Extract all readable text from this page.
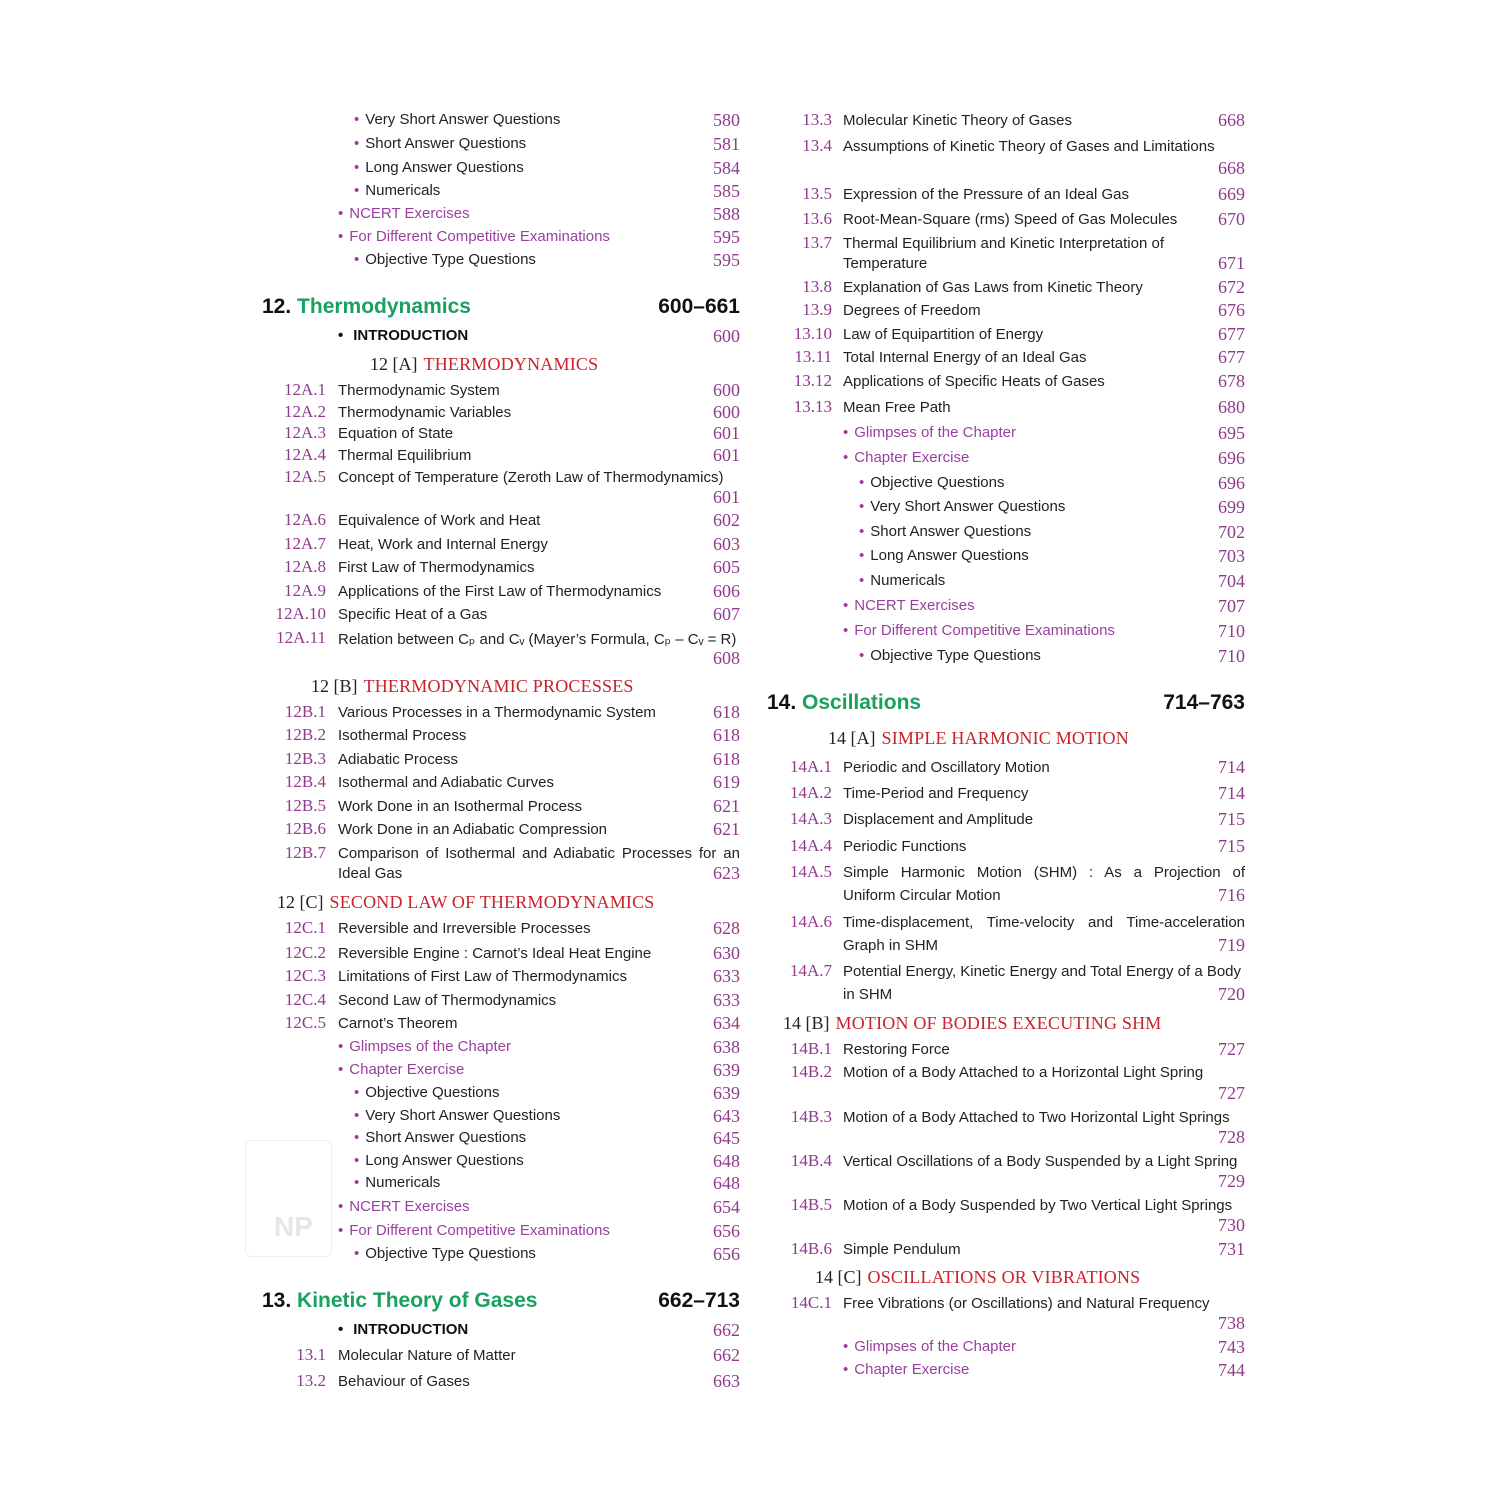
• Very Short Answer Questions	580
• Short Answer Questions	581
• Long Answer Questions	584
• Numericals	585
• NCERT Exercises	588
• For Different Competitive Examinations	595
• Objective Type Questions	595
12. Thermodynamics	600–661
• INTRODUCTION	600
12 [A] THERMODYNAMICS
12A.1 Thermodynamic System	600
12A.2 Thermodynamic Variables	600
12A.3 Equation of State	601
12A.4 Thermal Equilibrium	601
12A.5 Concept of Temperature (Zeroth Law of Thermodynamics)
601
12A.6 Equivalence of Work and Heat	602
12A.7 Heat, Work and Internal Energy	603
12A.8 First Law of Thermodynamics	605
12A.9 Applications of the First Law of Thermodynamics	606
12A.10 Specific Heat of a Gas	607
12A.11 Relation between Cₚ and Cᵥ (Mayer’s Formula, Cₚ – Cᵥ = R)
608
12 [B] THERMODYNAMIC PROCESSES
12B.1 Various Processes in a Thermodynamic System	618
12B.2 Isothermal Process	618
12B.3 Adiabatic Process	618
12B.4 Isothermal and Adiabatic Curves	619
12B.5 Work Done in an Isothermal Process	621
12B.6 Work Done in an Adiabatic Compression	621
12B.7 Comparison of Isothermal and Adiabatic Processes for an
Ideal Gas	623
12 [C] SECOND LAW OF THERMODYNAMICS
12C.1 Reversible and Irreversible Processes	628
12C.2 Reversible Engine : Carnot’s Ideal Heat Engine	630
12C.3 Limitations of First Law of Thermodynamics	633
12C.4 Second Law of Thermodynamics	633
12C.5 Carnot’s Theorem	634
• Glimpses of the Chapter	638
• Chapter Exercise	639
• Objective Questions	639
• Very Short Answer Questions	643
• Short Answer Questions	645
• Long Answer Questions	648
• Numericals	648
• NCERT Exercises	654
• For Different Competitive Examinations	656
• Objective Type Questions	656
13. Kinetic Theory of Gases	662–713
• INTRODUCTION	662
13.1 Molecular Nature of Matter	662
13.2 Behaviour of Gases	663
NP
13.3 Molecular Kinetic Theory of Gases	668
13.4 Assumptions of Kinetic Theory of Gases and Limitations
668
13.5 Expression of the Pressure of an Ideal Gas	669
13.6 Root-Mean-Square (rms) Speed of Gas Molecules 670
13.7 Thermal Equilibrium and Kinetic Interpretation of
Temperature	671
13.8 Explanation of Gas Laws from Kinetic Theory	672
13.9 Degrees of Freedom	676
13.10 Law of Equipartition of Energy	677
13.11 Total Internal Energy of an Ideal Gas	677
13.12 Applications of Specific Heats of Gases	678
13.13 Mean Free Path	680
• Glimpses of the Chapter	695
• Chapter Exercise	696
• Objective Questions	696
• Very Short Answer Questions	699
• Short Answer Questions	702
• Long Answer Questions	703
• Numericals	704
• NCERT Exercises	707
• For Different Competitive Examinations	710
• Objective Type Questions	710
14. Oscillations	714–763
14 [A] SIMPLE HARMONIC MOTION
14A.1 Periodic and Oscillatory Motion	714
14A.2 Time-Period and Frequency	714
14A.3 Displacement and Amplitude	715
14A.4 Periodic Functions	715
14A.5 Simple Harmonic Motion (SHM) : As a Projection of
Uniform Circular Motion	716
14A.6 Time-displacement, Time-velocity and Time-acceleration
Graph in SHM	719
14A.7 Potential Energy, Kinetic Energy and Total Energy of a Body
in SHM	720
14 [B] MOTION OF BODIES EXECUTING SHM
14B.1 Restoring Force	727
14B.2 Motion of a Body Attached to a Horizontal Light Spring
727
14B.3 Motion of a Body Attached to Two Horizontal Light Springs
728
14B.4 Vertical Oscillations of a Body Suspended by a Light Spring
729
14B.5 Motion of a Body Suspended by Two Vertical Light Springs
730
14B.6 Simple Pendulum	731
14 [C] OSCILLATIONS OR VIBRATIONS
14C.1 Free Vibrations (or Oscillations) and Natural Frequency
738
• Glimpses of the Chapter	743
• Chapter Exercise	744
